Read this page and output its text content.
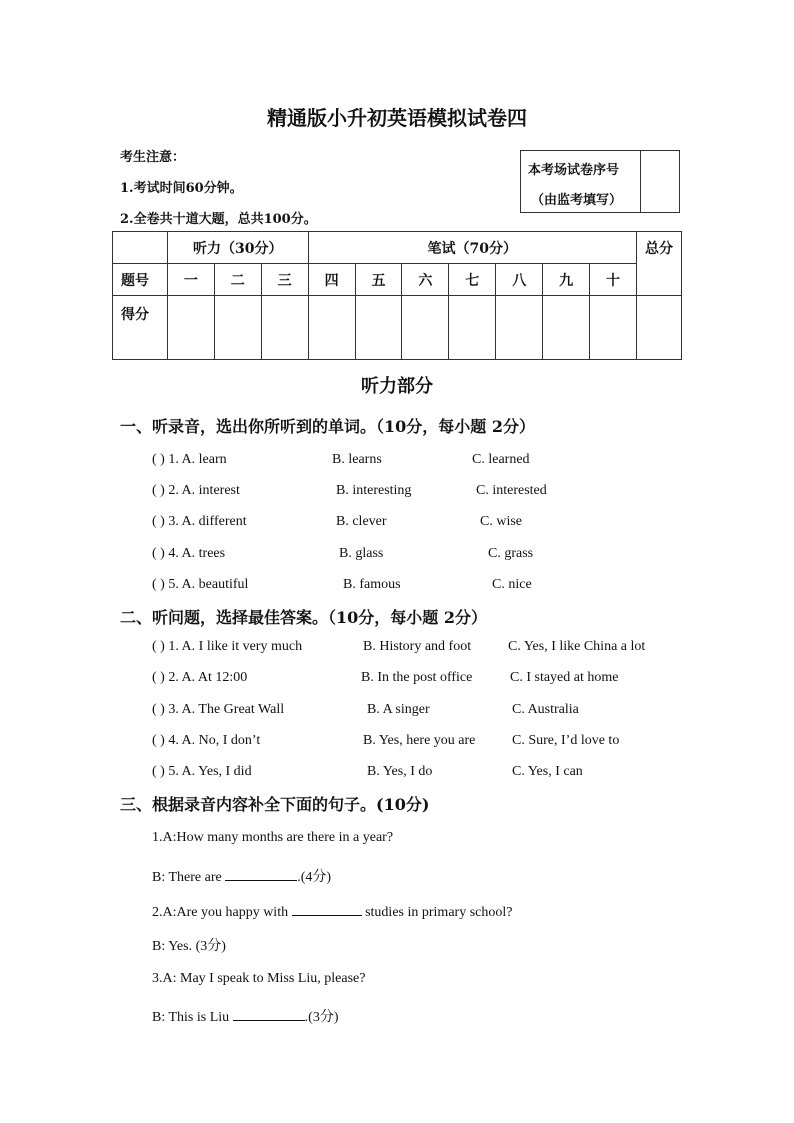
精通版小升初英语模拟试卷四
考生注意：
1.考试时间60分钟。
2.全卷共十道大题，总共100分。
本考场试卷序号
（由监考填写）
	听力（30分）			笔试（70分）							总分
题号	一	二	三	四	五	六	七	八	九	十	
得分											
听力部分
一、听录音，选出你所听到的单词。（10分，每小题 2分）
( ) 1. A. learn	B. learns	C. learned
( ) 2. A. interest	B. interesting	C. interested
( ) 3. A. different	B. clever	C. wise
( ) 4. A. trees	B. glass	C. grass
( ) 5. A. beautiful	B. famous	C. nice
二、听问题，选择最佳答案。（10分，每小题 2分）
( ) 1. A. I like it very much	B. History and foot	C. Yes, I like China a lot
( ) 2. A. At 12:00	B. In the post office	C. I stayed at home
( ) 3. A. The Great Wall	B. A singer	C. Australia
( ) 4. A. No, I don’t	B. Yes, here you are	C. Sure, I’d love to
( ) 5. A. Yes, I did	B. Yes, I do	C. Yes, I can
三、根据录音内容补全下面的句子。(10分)
1.A:How many months are there in a year?
B: There are	.(4分)
2.A:Are you happy with	studies in primary school?
B: Yes. (3分)
3.A: May I speak to Miss Liu, please?
B: This is Liu	.(3分)
